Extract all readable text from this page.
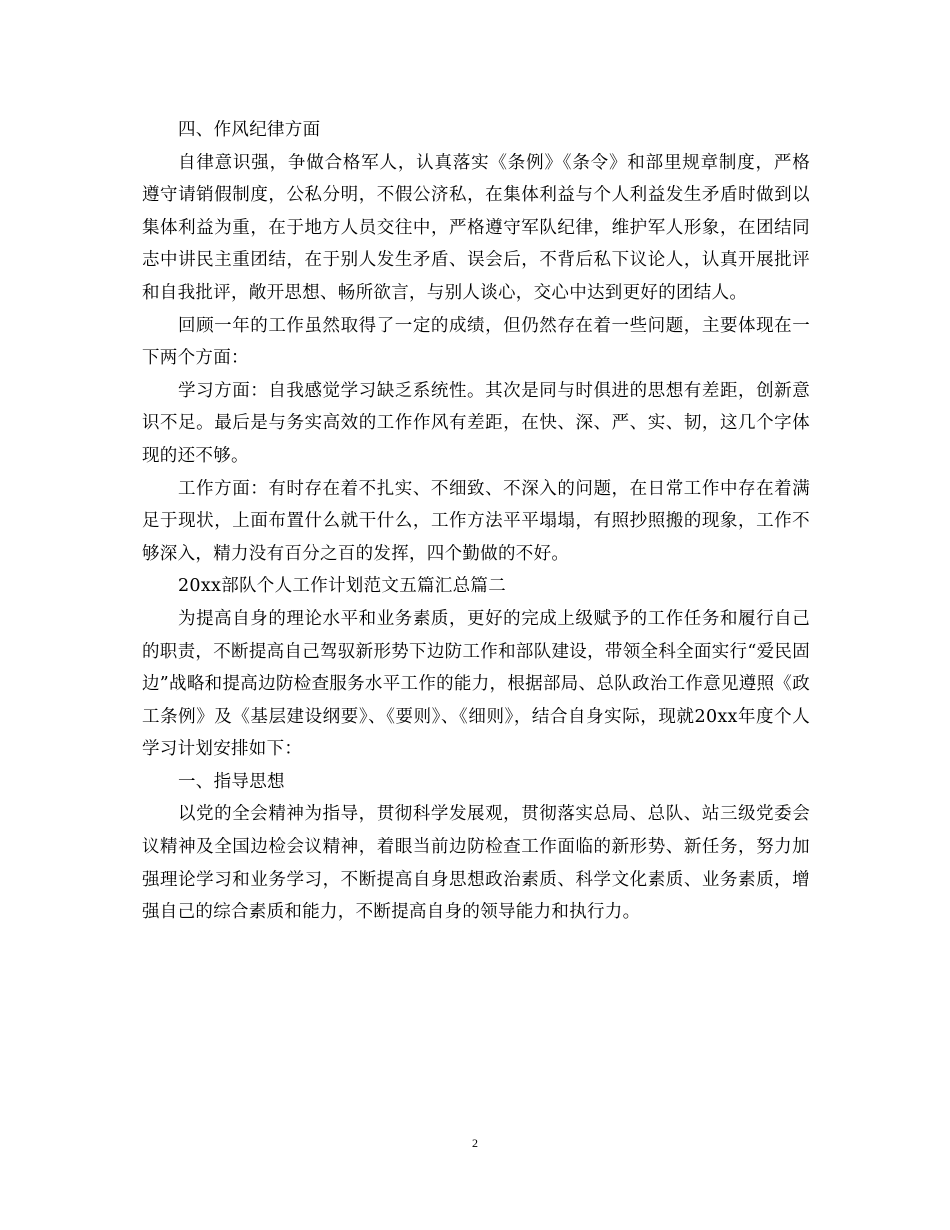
四、作风纪律方面

自律意识强，争做合格军人，认真落实《条例》《条令》和部里规章制度，严格遵守请销假制度，公私分明，不假公济私，在集体利益与个人利益发生矛盾时做到以集体利益为重，在于地方人员交往中，严格遵守军队纪律，维护军人形象，在团结同志中讲民主重团结，在于别人发生矛盾、误会后，不背后私下议论人，认真开展批评和自我批评，敞开思想、畅所欲言，与别人谈心，交心中达到更好的团结人。

回顾一年的工作虽然取得了一定的成绩，但仍然存在着一些问题，主要体现在一下两个方面：

学习方面：自我感觉学习缺乏系统性。其次是同与时俱进的思想有差距，创新意识不足。最后是与务实高效的工作作风有差距，在快、深、严、实、韧，这几个字体现的还不够。

工作方面：有时存在着不扎实、不细致、不深入的问题，在日常工作中存在着满足于现状，上面布置什么就干什么，工作方法平平塌塌，有照抄照搬的现象，工作不够深入，精力没有百分之百的发挥，四个勤做的不好。

20xx部队个人工作计划范文五篇汇总篇二

为提高自身的理论水平和业务素质，更好的完成上级赋予的工作任务和履行自己的职责，不断提高自己驾驭新形势下边防工作和部队建设，带领全科全面实行“爱民固边”战略和提高边防检查服务水平工作的能力，根据部局、总队政治工作意见遵照《政工条例》及《基层建设纲要》、《要则》、《细则》，结合自身实际，现就20xx年度个人学习计划安排如下：

一、指导思想

以党的全会精神为指导，贯彻科学发展观，贯彻落实总局、总队、站三级党委会议精神及全国边检会议精神，着眼当前边防检查工作面临的新形势、新任务，努力加强理论学习和业务学习，不断提高自身思想政治素质、科学文化素质、业务素质，增强自己的综合素质和能力，不断提高自身的领导能力和执行力。

2
